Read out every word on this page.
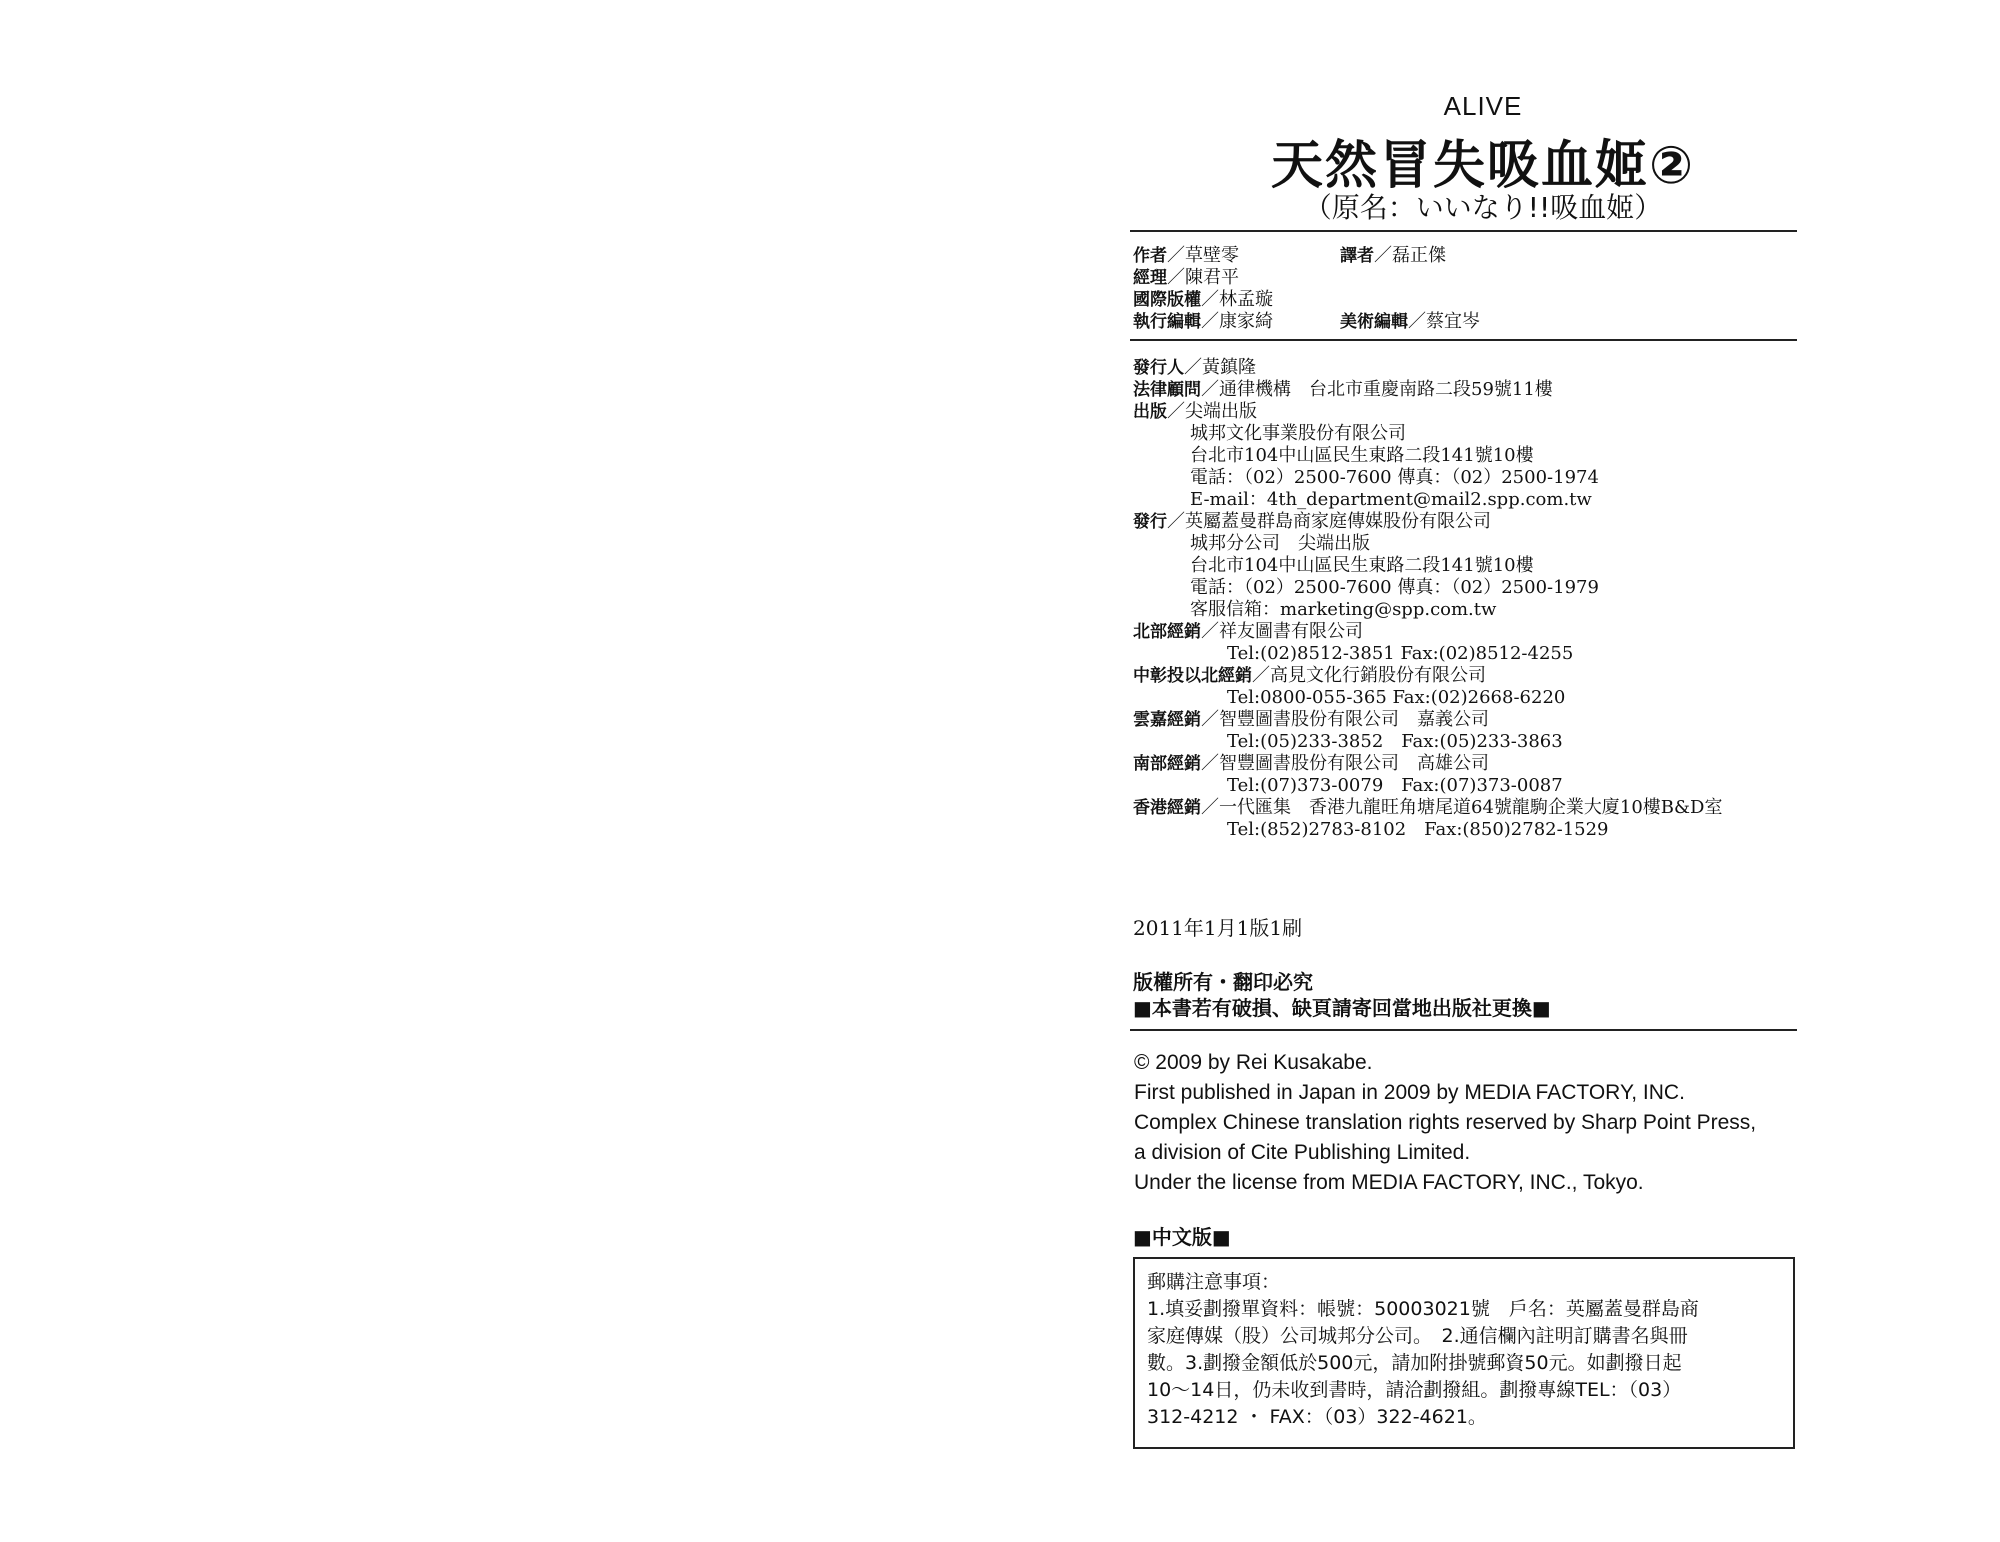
ALIVE
天然冒失吸血姬②
（原名：いいなり!!吸血姬）
作者／草壁零	譯者／磊正傑
經理／陳君平
國際版權／林孟璇
執行編輯／康家綺	美術編輯／蔡宜岑
發行人／黃鎮隆
法律顧問／通律機構　台北市重慶南路二段59號11樓
出版／尖端出版
城邦文化事業股份有限公司
台北市104中山區民生東路二段141號10樓
電話：（02）2500-7600 傳真：（02）2500-1974
E-mail：4th_department@mail2.spp.com.tw
發行／英屬蓋曼群島商家庭傳媒股份有限公司
城邦分公司　尖端出版
台北市104中山區民生東路二段141號10樓
電話：（02）2500-7600 傳真：（02）2500-1979
客服信箱：marketing@spp.com.tw
北部經銷／祥友圖書有限公司
Tel:(02)8512-3851 Fax:(02)8512-4255
中彰投以北經銷／高見文化行銷股份有限公司
Tel:0800-055-365 Fax:(02)2668-6220
雲嘉經銷／智豐圖書股份有限公司　嘉義公司
Tel:(05)233-3852　Fax:(05)233-3863
南部經銷／智豐圖書股份有限公司　高雄公司
Tel:(07)373-0079　Fax:(07)373-0087
香港經銷／一代匯集　香港九龍旺角塘尾道64號龍駒企業大廈10樓B&D室
Tel:(852)2783-8102　Fax:(850)2782-1529
2011年1月1版1刷
版權所有・翻印必究
■本書若有破損、缺頁請寄回當地出版社更換■
© 2009 by Rei Kusakabe.
First published in Japan in 2009 by MEDIA FACTORY, INC.
Complex Chinese translation rights reserved by Sharp Point Press,
a division of Cite Publishing Limited.
Under the license from MEDIA FACTORY, INC., Tokyo.
■中文版■
郵購注意事項：
1.填妥劃撥單資料：帳號：50003021號　戶名：英屬蓋曼群島商
家庭傳媒（股）公司城邦分公司。　2.通信欄內註明訂購書名與冊
數。3.劃撥金額低於500元，請加附掛號郵資50元。如劃撥日起
10～14日，仍未收到書時，請洽劃撥組。劃撥專線TEL：（03）
312-4212 ・ FAX：（03）322-4621。
